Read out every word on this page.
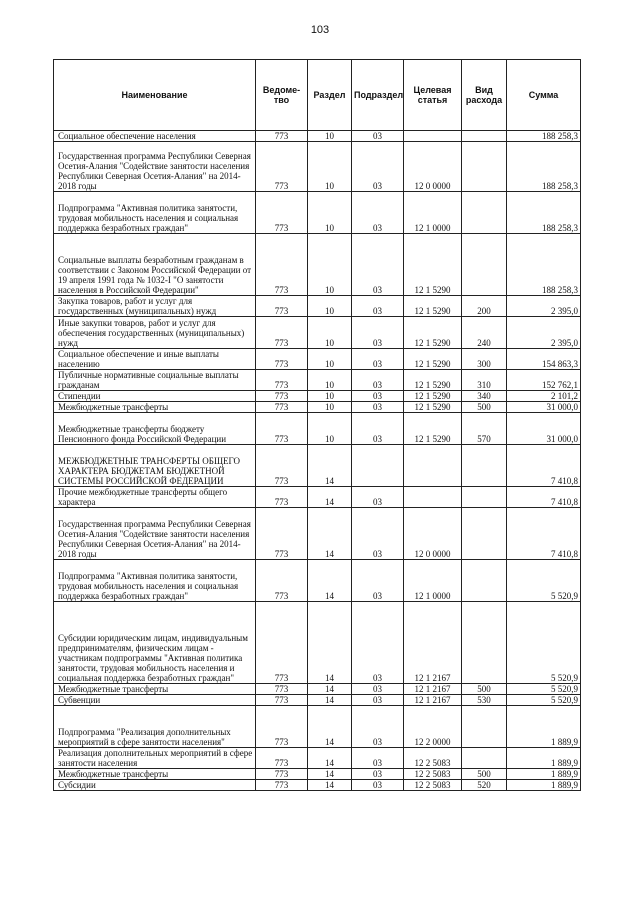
103
Наименование	Ведоме-тво	Раздел	Подраздел	Целевая статья	Вид расхода	Сумма
Социальное обеспечение населения	773	10	03			188 258,3
Государственная программа Республики Северная Осетия-Алания "Содействие занятости населения Республики Северная Осетия-Алания" на 2014-2018 годы	773	10	03	12 0 0000		188 258,3
Подпрограмма "Активная политика занятости, трудовая мобильность населения и социальная поддержка безработных граждан"	773	10	03	12 1 0000		188 258,3
Социальные выплаты безработным гражданам в соответствии с Законом Российской Федерации от 19 апреля 1991 года № 1032-I "О занятости населения в Российской Федерации"	773	10	03	12 1 5290		188 258,3
Закупка товаров, работ и услуг для государственных (муниципальных) нужд	773	10	03	12 1 5290	200	2 395,0
Иные закупки товаров, работ и услуг для обеспечения государственных (муниципальных) нужд	773	10	03	12 1 5290	240	2 395,0
Социальное обеспечение и иные выплаты населению	773	10	03	12 1 5290	300	154 863,3
Публичные нормативные социальные выплаты гражданам	773	10	03	12 1 5290	310	152 762,1
Стипендии	773	10	03	12 1 5290	340	2 101,2
Межбюджетные трансферты	773	10	03	12 1 5290	500	31 000,0
Межбюджетные трансферты бюджету Пенсионного фонда Российской Федерации	773	10	03	12 1 5290	570	31 000,0
МЕЖБЮДЖЕТНЫЕ ТРАНСФЕРТЫ ОБЩЕГО ХАРАКТЕРА БЮДЖЕТАМ БЮДЖЕТНОЙ СИСТЕМЫ РОССИЙСКОЙ ФЕДЕРАЦИИ	773	14				7 410,8
Прочие межбюджетные трансферты общего характера	773	14	03			7 410,8
Государственная программа Республики Северная Осетия-Алания "Содействие занятости населения Республики Северная Осетия-Алания" на 2014-2018 годы	773	14	03	12 0 0000		7 410,8
Подпрограмма "Активная политика занятости, трудовая мобильность населения и социальная поддержка безработных граждан"	773	14	03	12 1 0000		5 520,9
Субсидии юридическим лицам, индивидуальным предпринимателям, физическим лицам - участникам подпрограммы "Активная политика занятости, трудовая мобильность населения и социальная поддержка безработных граждан"	773	14	03	12 1 2167		5 520,9
Межбюджетные трансферты	773	14	03	12 1 2167	500	5 520,9
Субвенции	773	14	03	12 1 2167	530	5 520,9
Подпрограмма "Реализация дополнительных мероприятий в сфере занятости населения"	773	14	03	12 2 0000		1 889,9
Реализация дополнительных мероприятий в сфере занятости населения	773	14	03	12 2 5083		1 889,9
Межбюджетные трансферты	773	14	03	12 2 5083	500	1 889,9
Субсидии	773	14	03	12 2 5083	520	1 889,9
